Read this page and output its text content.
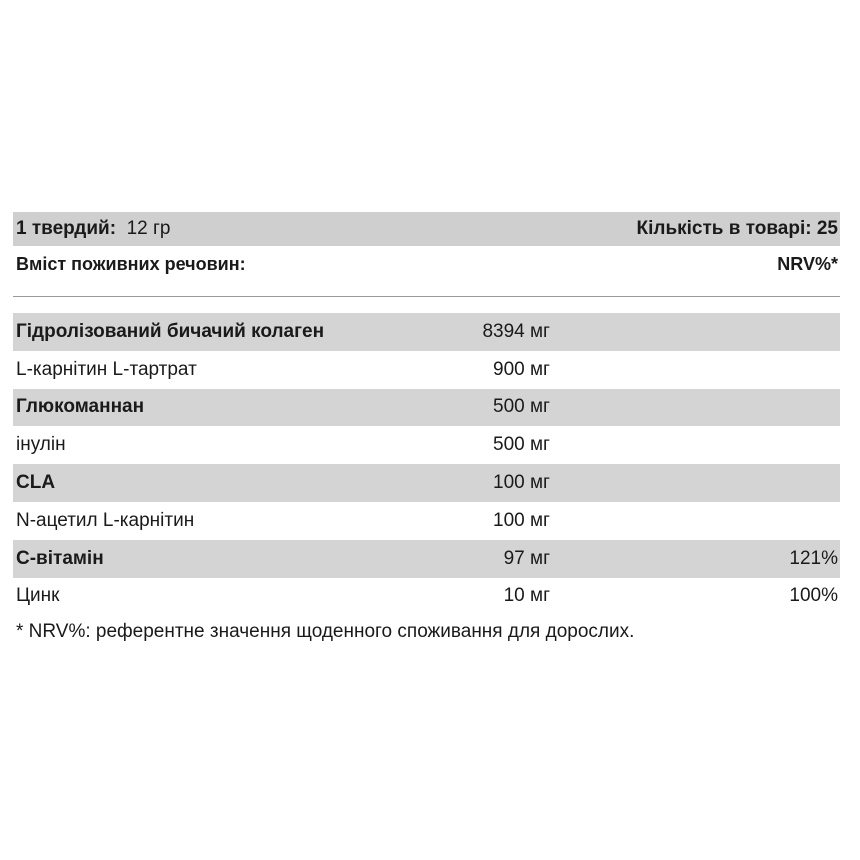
1 твердий: 12 гр	Кількість в товарі: 25
Вміст поживних речовин:	NRV%*
Гідролізований бичачий колаген	8394 мг
L-карнітин L-тартрат	900 мг
Глюкоманнан	500 мг
інулін	500 мг
CLA	100 мг
N-ацетил L-карнітин	100 мг
С-вітамін	97 мг	121%
Цинк	10 мг	100%
* NRV%: референтне значення щоденного споживання для дорослих.
